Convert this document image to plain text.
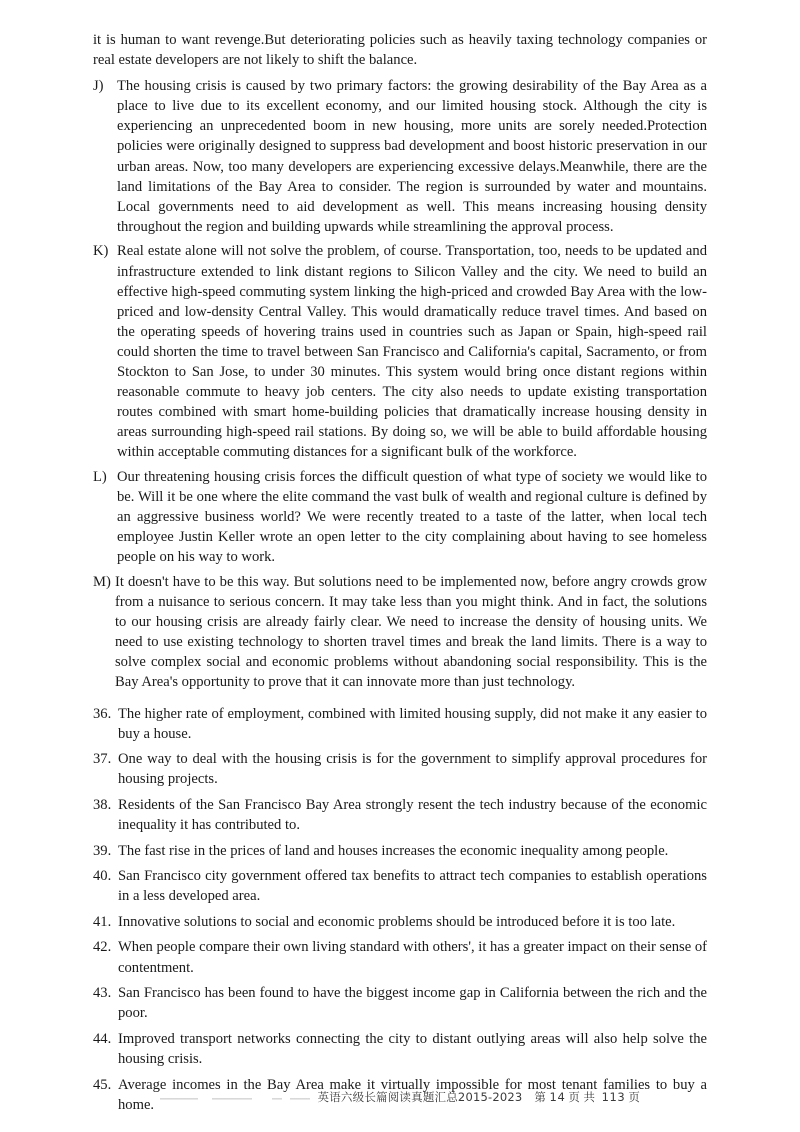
it is human to want revenge.But deteriorating policies such as heavily taxing technology companies or real estate developers are not likely to shift the balance.
J) The housing crisis is caused by two primary factors: the growing desirability of the Bay Area as a place to live due to its excellent economy, and our limited housing stock. Although the city is experiencing an unprecedented boom in new housing, more units are sorely needed.Protection policies were originally designed to suppress bad development and boost historic preservation in our urban areas. Now, too many developers are experiencing excessive delays.Meanwhile, there are the land limitations of the Bay Area to consider. The region is surrounded by water and mountains. Local governments need to aid development as well. This means increasing housing density throughout the region and building upwards while streamlining the approval process.
K) Real estate alone will not solve the problem, of course. Transportation, too, needs to be updated and infrastructure extended to link distant regions to Silicon Valley and the city. We need to build an effective high-speed commuting system linking the high-priced and crowded Bay Area with the low-priced and low-density Central Valley. This would dramatically reduce travel times. And based on the operating speeds of hovering trains used in countries such as Japan or Spain, high-speed rail could shorten the time to travel between San Francisco and California's capital, Sacramento, or from Stockton to San Jose, to under 30 minutes. This system would bring once distant regions within reasonable commute to heavy job centers. The city also needs to update existing transportation routes combined with smart home-building policies that dramatically increase housing density in areas surrounding high-speed rail stations. By doing so, we will be able to build affordable housing within acceptable commuting distances for a significant bulk of the workforce.
L) Our threatening housing crisis forces the difficult question of what type of society we would like to be. Will it be one where the elite command the vast bulk of wealth and regional culture is defined by an aggressive business world? We were recently treated to a taste of the latter, when local tech employee Justin Keller wrote an open letter to the city complaining about having to see homeless people on his way to work.
M) It doesn't have to be this way. But solutions need to be implemented now, before angry crowds grow from a nuisance to serious concern. It may take less than you might think. And in fact, the solutions to our housing crisis are already fairly clear. We need to increase the density of housing units. We need to use existing technology to shorten travel times and break the land limits. There is a way to solve complex social and economic problems without abandoning social responsibility. This is the Bay Area's opportunity to prove that it can innovate more than just technology.
36. The higher rate of employment, combined with limited housing supply, did not make it any easier to buy a house.
37. One way to deal with the housing crisis is for the government to simplify approval procedures for housing projects.
38. Residents of the San Francisco Bay Area strongly resent the tech industry because of the economic inequality it has contributed to.
39. The fast rise in the prices of land and houses increases the economic inequality among people.
40. San Francisco city government offered tax benefits to attract tech companies to establish operations in a less developed area.
41. Innovative solutions to social and economic problems should be introduced before it is too late.
42. When people compare their own living standard with others', it has a greater impact on their sense of contentment.
43. San Francisco has been found to have the biggest income gap in California between the rich and the poor.
44. Improved transport networks connecting the city to distant outlying areas will also help solve the housing crisis.
45. Average incomes in the Bay Area make it virtually impossible for most tenant families to buy a home.
英语六级长篇阅读真题汇总2015-2023 第 14 页 共 113 页
